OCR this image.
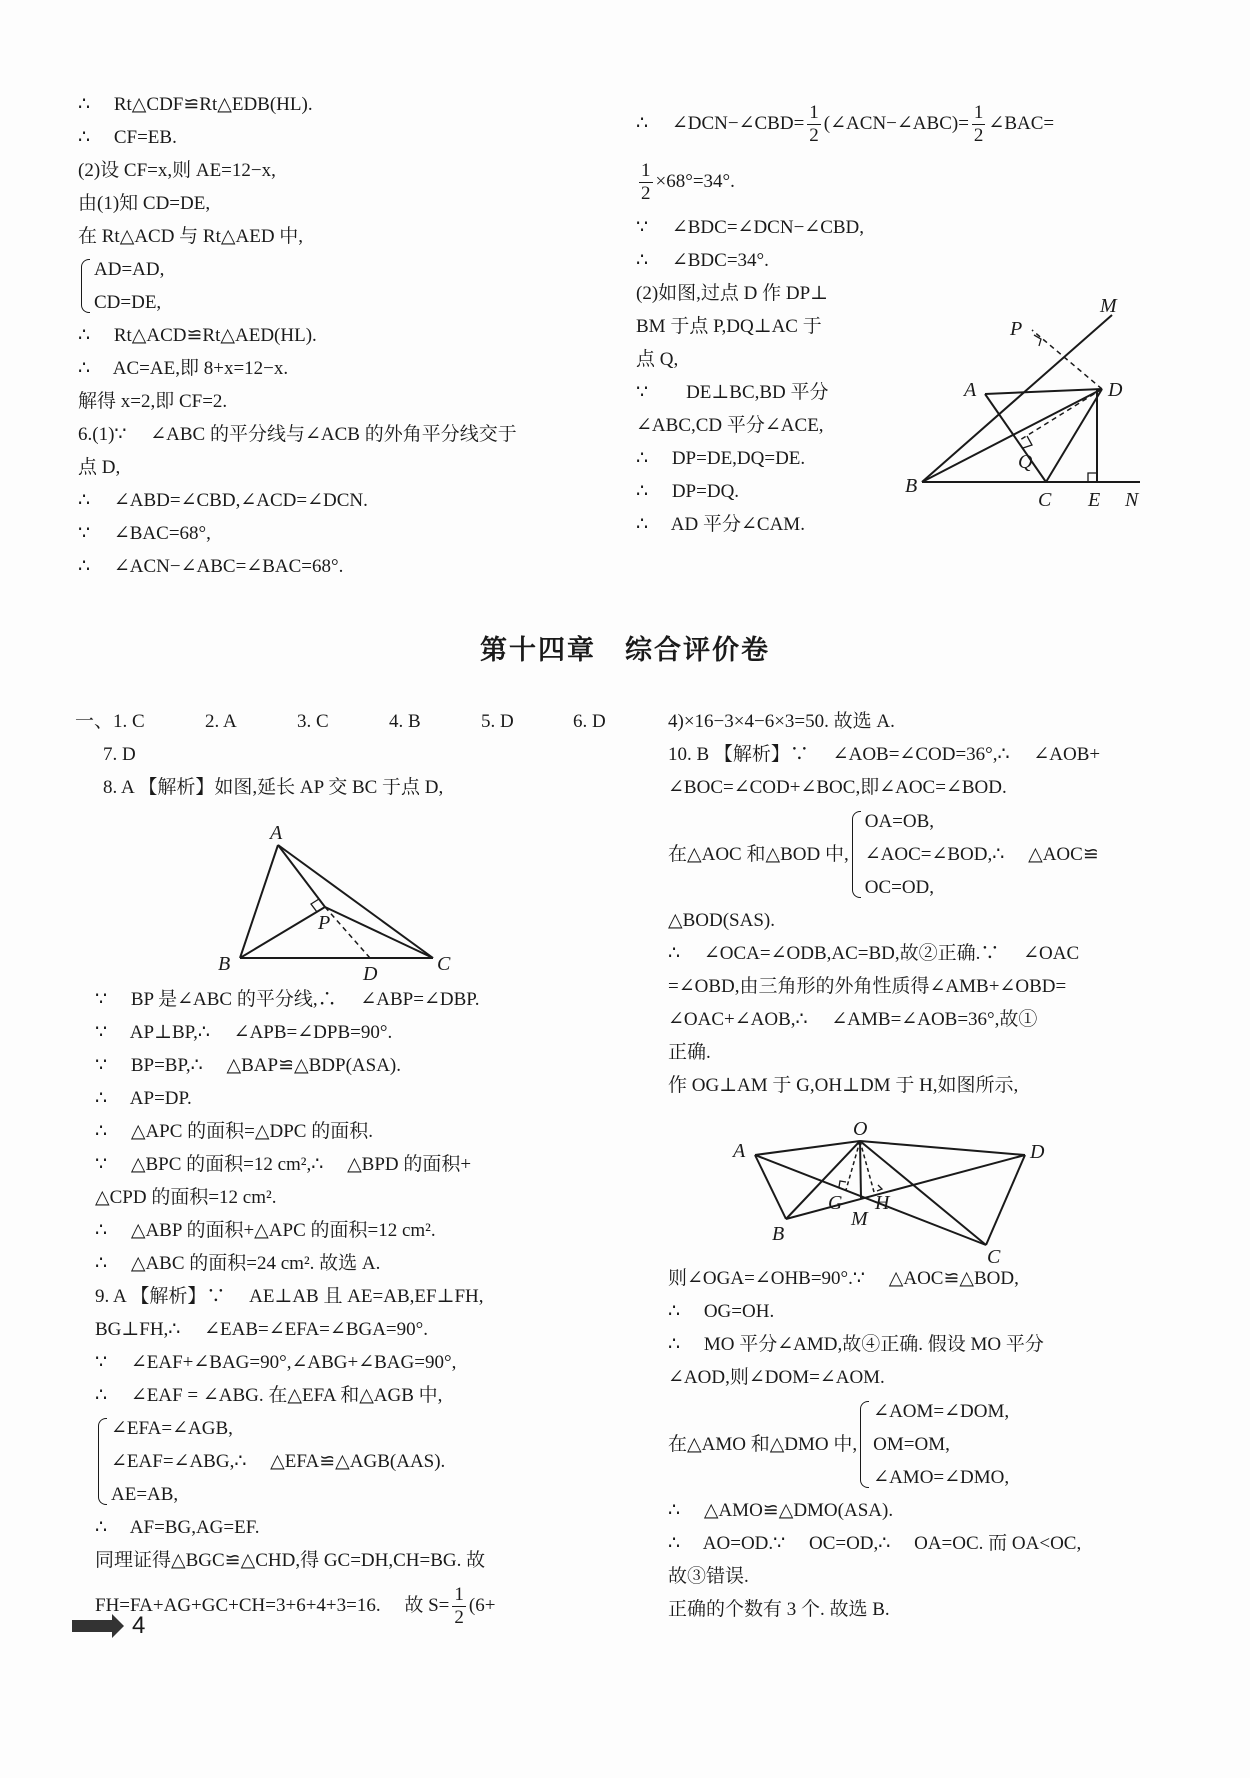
∴　 Rt△CDF≌Rt△EDB(HL).
∴　 CF=EB.
(2)设 CF=x,则 AE=12−x,
由(1)知 CD=DE,
在 Rt△ACD 与 Rt△AED 中,
AD=AD,
CD=DE,
∴　 Rt△ACD≌Rt△AED(HL).
∴　 AC=AE,即 8+x=12−x.
解得 x=2,即 CF=2.
6.(1)∵　 ∠ABC 的平分线与∠ACB 的外角平分线交于
点 D,
∴　 ∠ABD=∠CBD,∠ACD=∠DCN.
∵　 ∠BAC=68°,
∴　 ∠ACN−∠ABC=∠BAC=68°.
∴　 ∠DCN−∠CBD= $\frac{1}{2}$ (∠ACN−∠ABC)= $\frac{1}{2}$ ∠BAC=
$\frac{1}{2} \times 68^\circ=34^\circ$.
∵　 ∠BDC=∠DCN−∠CBD,
∴　 ∠BDC=34°.
(2)如图,过点 D 作 DP⊥
BM 于点 P,DQ⊥AC 于
点 Q,
∵　　DE⊥BC,BD 平分
∠ABC,CD 平分∠ACE,
∴　 DP=DE,DQ=DE.
∴　 DP=DQ.
∴　 AD 平分∠CAM.
M
P
A	D
Q
B
C E N
第十四章　综合评价卷
一、1. C	2. A	3. C	4. B	5. D	6. D
7. D
8. A 【解析】如图,延长 AP 交 BC 于点 D,
A
P
B	D	C
∵　 BP 是∠ABC 的平分线,∴　 ∠ABP=∠DBP.
∵　 AP⊥BP,∴　 ∠APB=∠DPB=90°.
∵　 BP=BP,∴　 △BAP≌△BDP(ASA).
∴　 AP=DP.
∴　 △APC 的面积=△DPC 的面积.
∵　 △BPC 的面积=12 cm²,∴　 △BPD 的面积+
△CPD 的面积=12 cm².
∴　 △ABP 的面积+△APC 的面积=12 cm².
∴　 △ABC 的面积=24 cm². 故选 A.
9. A 【解析】∵　 AE⊥AB 且 AE=AB,EF⊥FH,
BG⊥FH,∴　 ∠EAB=∠EFA=∠BGA=90°.
∵　 ∠EAF+∠BAG=90°,∠ABG+∠BAG=90°,
∴　 ∠EAF = ∠ABG. 在△EFA 和△AGB 中,
∠EFA=∠AGB,
∠EAF=∠ABG,∴　 △EFA≌△AGB(AAS).
AE=AB,
∴　 AF=BG,AG=EF.
同理证得△BGC≌△CHD,得 GC=DH,CH=BG. 故
FH=FA+AG+GC+CH=3+6+4+3=16.　 故 $S= \frac{1}{2} (6+$
4)×16−3×4−6×3=50. 故选 A.
10. B 【解析】∵　 ∠AOB=∠COD=36°,∴　 ∠AOB+
∠BOC=∠COD+∠BOC,即∠AOC=∠BOD.
在△AOC 和△BOD 中,
OA=OB,
∠AOC=∠BOD,∴　 △AOC≌
OC=OD,
△BOD(SAS).
∴　 ∠OCA=∠ODB,AC=BD,故②正确.∵　 ∠OAC
=∠OBD,由三角形的外角性质得∠AMB+∠OBD=
∠OAC+∠AOB,∴　 ∠AMB=∠AOB=36°,故①
正确.
作 OG⊥AM 于 G,OH⊥DM 于 H,如图所示,
O
A	D
G H
M
B
C
则∠OGA=∠OHB=90°.∵　 △AOC≌△BOD,
∴　 OG=OH.
∴　 MO 平分∠AMD,故④正确. 假设 MO 平分
∠AOD,则∠DOM=∠AOM.
在△AMO 和△DMO 中,
∠AOM=∠DOM,
OM=OM,
∠AMO=∠DMO,
∴　 △AMO≌△DMO(ASA).
∴　 AO=OD.∵　 OC=OD,∴　 OA=OC. 而 OA<OC,
故③错误.
正确的个数有 3 个. 故选 B.
4
